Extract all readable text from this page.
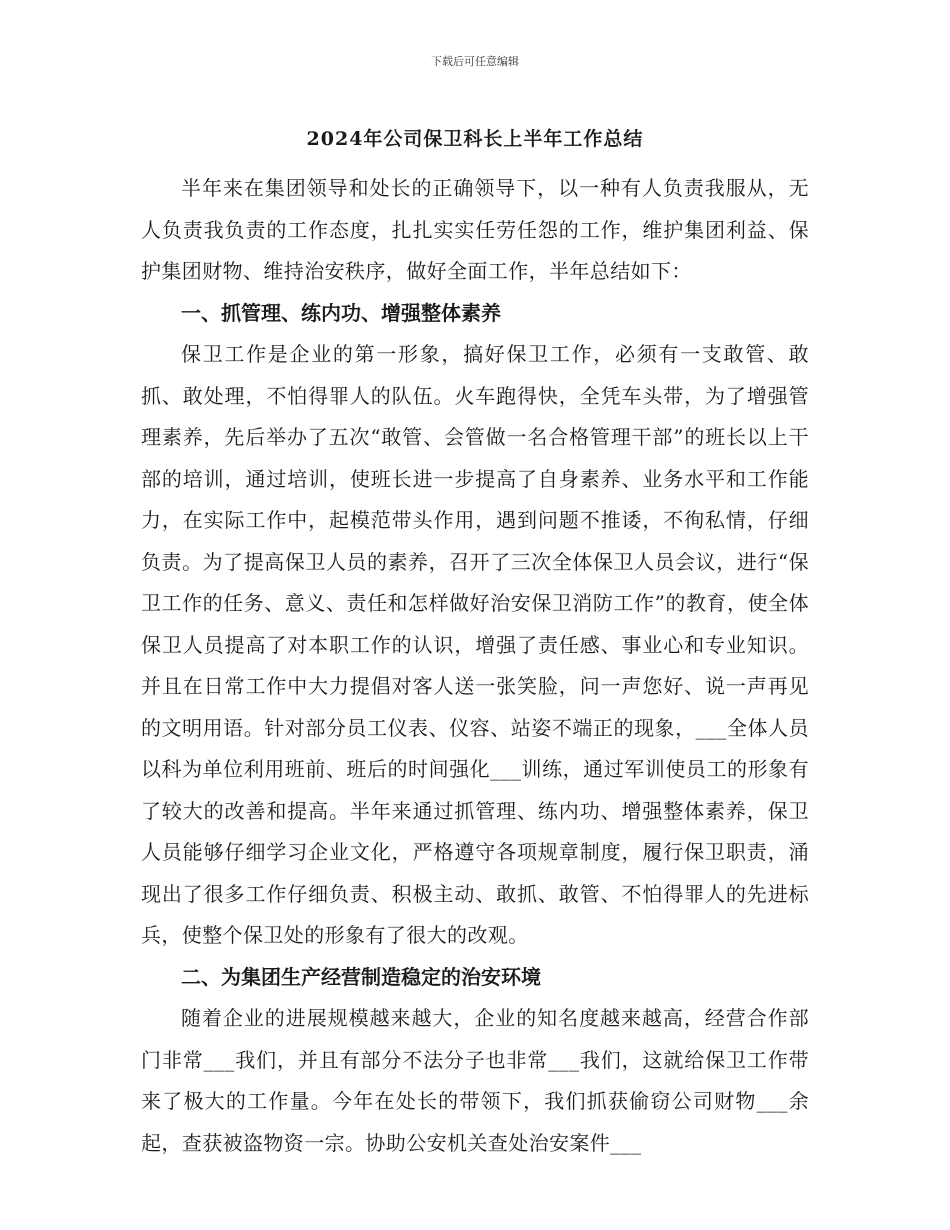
下载后可任意编辑
2024年公司保卫科长上半年工作总结

半年来在集团领导和处长的正确领导下，以一种有人负责我服从，无人负责我负责的工作态度，扎扎实实任劳任怨的工作，维护集团利益、保护集团财物、维持治安秩序，做好全面工作，半年总结如下：

一、抓管理、练内功、增强整体素养

保卫工作是企业的第一形象，搞好保卫工作，必须有一支敢管、敢抓、敢处理，不怕得罪人的队伍。火车跑得快，全凭车头带，为了增强管理素养，先后举办了五次“敢管、会管做一名合格管理干部”的班长以上干部的培训，通过培训，使班长进一步提高了自身素养、业务水平和工作能力，在实际工作中，起模范带头作用，遇到问题不推诿，不徇私情，仔细负责。为了提高保卫人员的素养，召开了三次全体保卫人员会议，进行“保卫工作的任务、意义、责任和怎样做好治安保卫消防工作”的教育，使全体保卫人员提高了对本职工作的认识，增强了责任感、事业心和专业知识。并且在日常工作中大力提倡对客人送一张笑脸，问一声您好、说一声再见的文明用语。针对部分员工仪表、仪容、站姿不端正的现象，___全体人员以科为单位利用班前、班后的时间强化___训练，通过军训使员工的形象有了较大的改善和提高。半年来通过抓管理、练内功、增强整体素养，保卫人员能够仔细学习企业文化，严格遵守各项规章制度，履行保卫职责，涌现出了很多工作仔细负责、积极主动、敢抓、敢管、不怕得罪人的先进标兵，使整个保卫处的形象有了很大的改观。

二、为集团生产经营制造稳定的治安环境

随着企业的进展规模越来越大，企业的知名度越来越高，经营合作部门非常___我们，并且有部分不法分子也非常___我们，这就给保卫工作带来了极大的工作量。今年在处长的带领下，我们抓获偷窃公司财物___余起，查获被盗物资一宗。协助公安机关查处治安案件___
